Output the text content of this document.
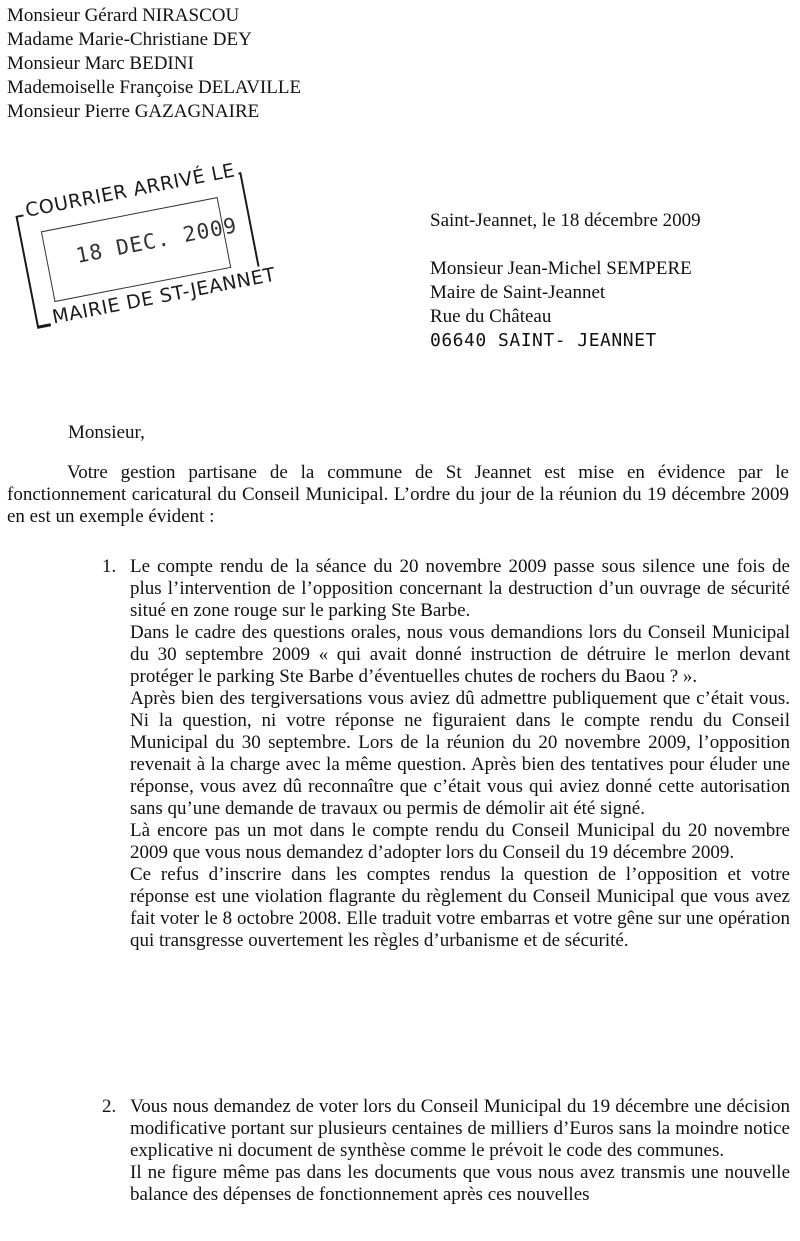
Monsieur Gérard NIRASCOU
Madame Marie-Christiane DEY
Monsieur Marc BEDINI
Mademoiselle Françoise DELAVILLE
Monsieur Pierre GAZAGNAIRE
COURRIER ARRIVÉ LE
18 DEC. 2009
MAIRIE DE ST-JEANNET
Saint-Jeannet, le 18 décembre 2009
Monsieur Jean-Michel SEMPERE
Maire de Saint-Jeannet
Rue du Château
06640 SAINT- JEANNET
Monsieur,
Votre gestion partisane de la commune de St Jeannet est mise en évidence par le fonctionnement caricatural du Conseil Municipal. L’ordre du jour de la réunion du 19 décembre 2009 en est un exemple évident :
1. Le compte rendu de la séance du 20 novembre 2009 passe sous silence une fois de plus l’intervention de l’opposition concernant la destruction d’un ouvrage de sécurité situé en zone rouge sur le parking Ste Barbe.

Dans le cadre des questions orales, nous vous demandions lors du Conseil Municipal du 30 septembre 2009 « qui avait donné instruction de détruire le merlon devant protéger le parking Ste Barbe d’éventuelles chutes de rochers du Baou ? ».

Après bien des tergiversations vous aviez dû admettre publiquement que c’était vous. Ni la question, ni votre réponse ne figuraient dans le compte rendu du Conseil Municipal du 30 septembre. Lors de la réunion du 20 novembre 2009, l’opposition revenait à la charge avec la même question. Après bien des tentatives pour éluder une réponse, vous avez dû reconnaître que c’était vous qui aviez donné cette autorisation sans qu’une demande de travaux ou permis de démolir ait été signé.

Là encore pas un mot dans le compte rendu du Conseil Municipal du 20 novembre 2009 que vous nous demandez d’adopter lors du Conseil du 19 décembre 2009.

Ce refus d’inscrire dans les comptes rendus la question de l’opposition et votre réponse est une violation flagrante du règlement du Conseil Municipal que vous avez fait voter le 8 octobre 2008. Elle traduit votre embarras et votre gêne sur une opération qui transgresse ouvertement les règles d’urbanisme et de sécurité.

2. Vous nous demandez de voter lors du Conseil Municipal du 19 décembre une décision modificative portant sur plusieurs centaines de milliers d’Euros sans la moindre notice explicative ni document de synthèse comme le prévoit le code des communes.

Il ne figure même pas dans les documents que vous nous avez transmis une nouvelle balance des dépenses de fonctionnement après ces nouvelles
